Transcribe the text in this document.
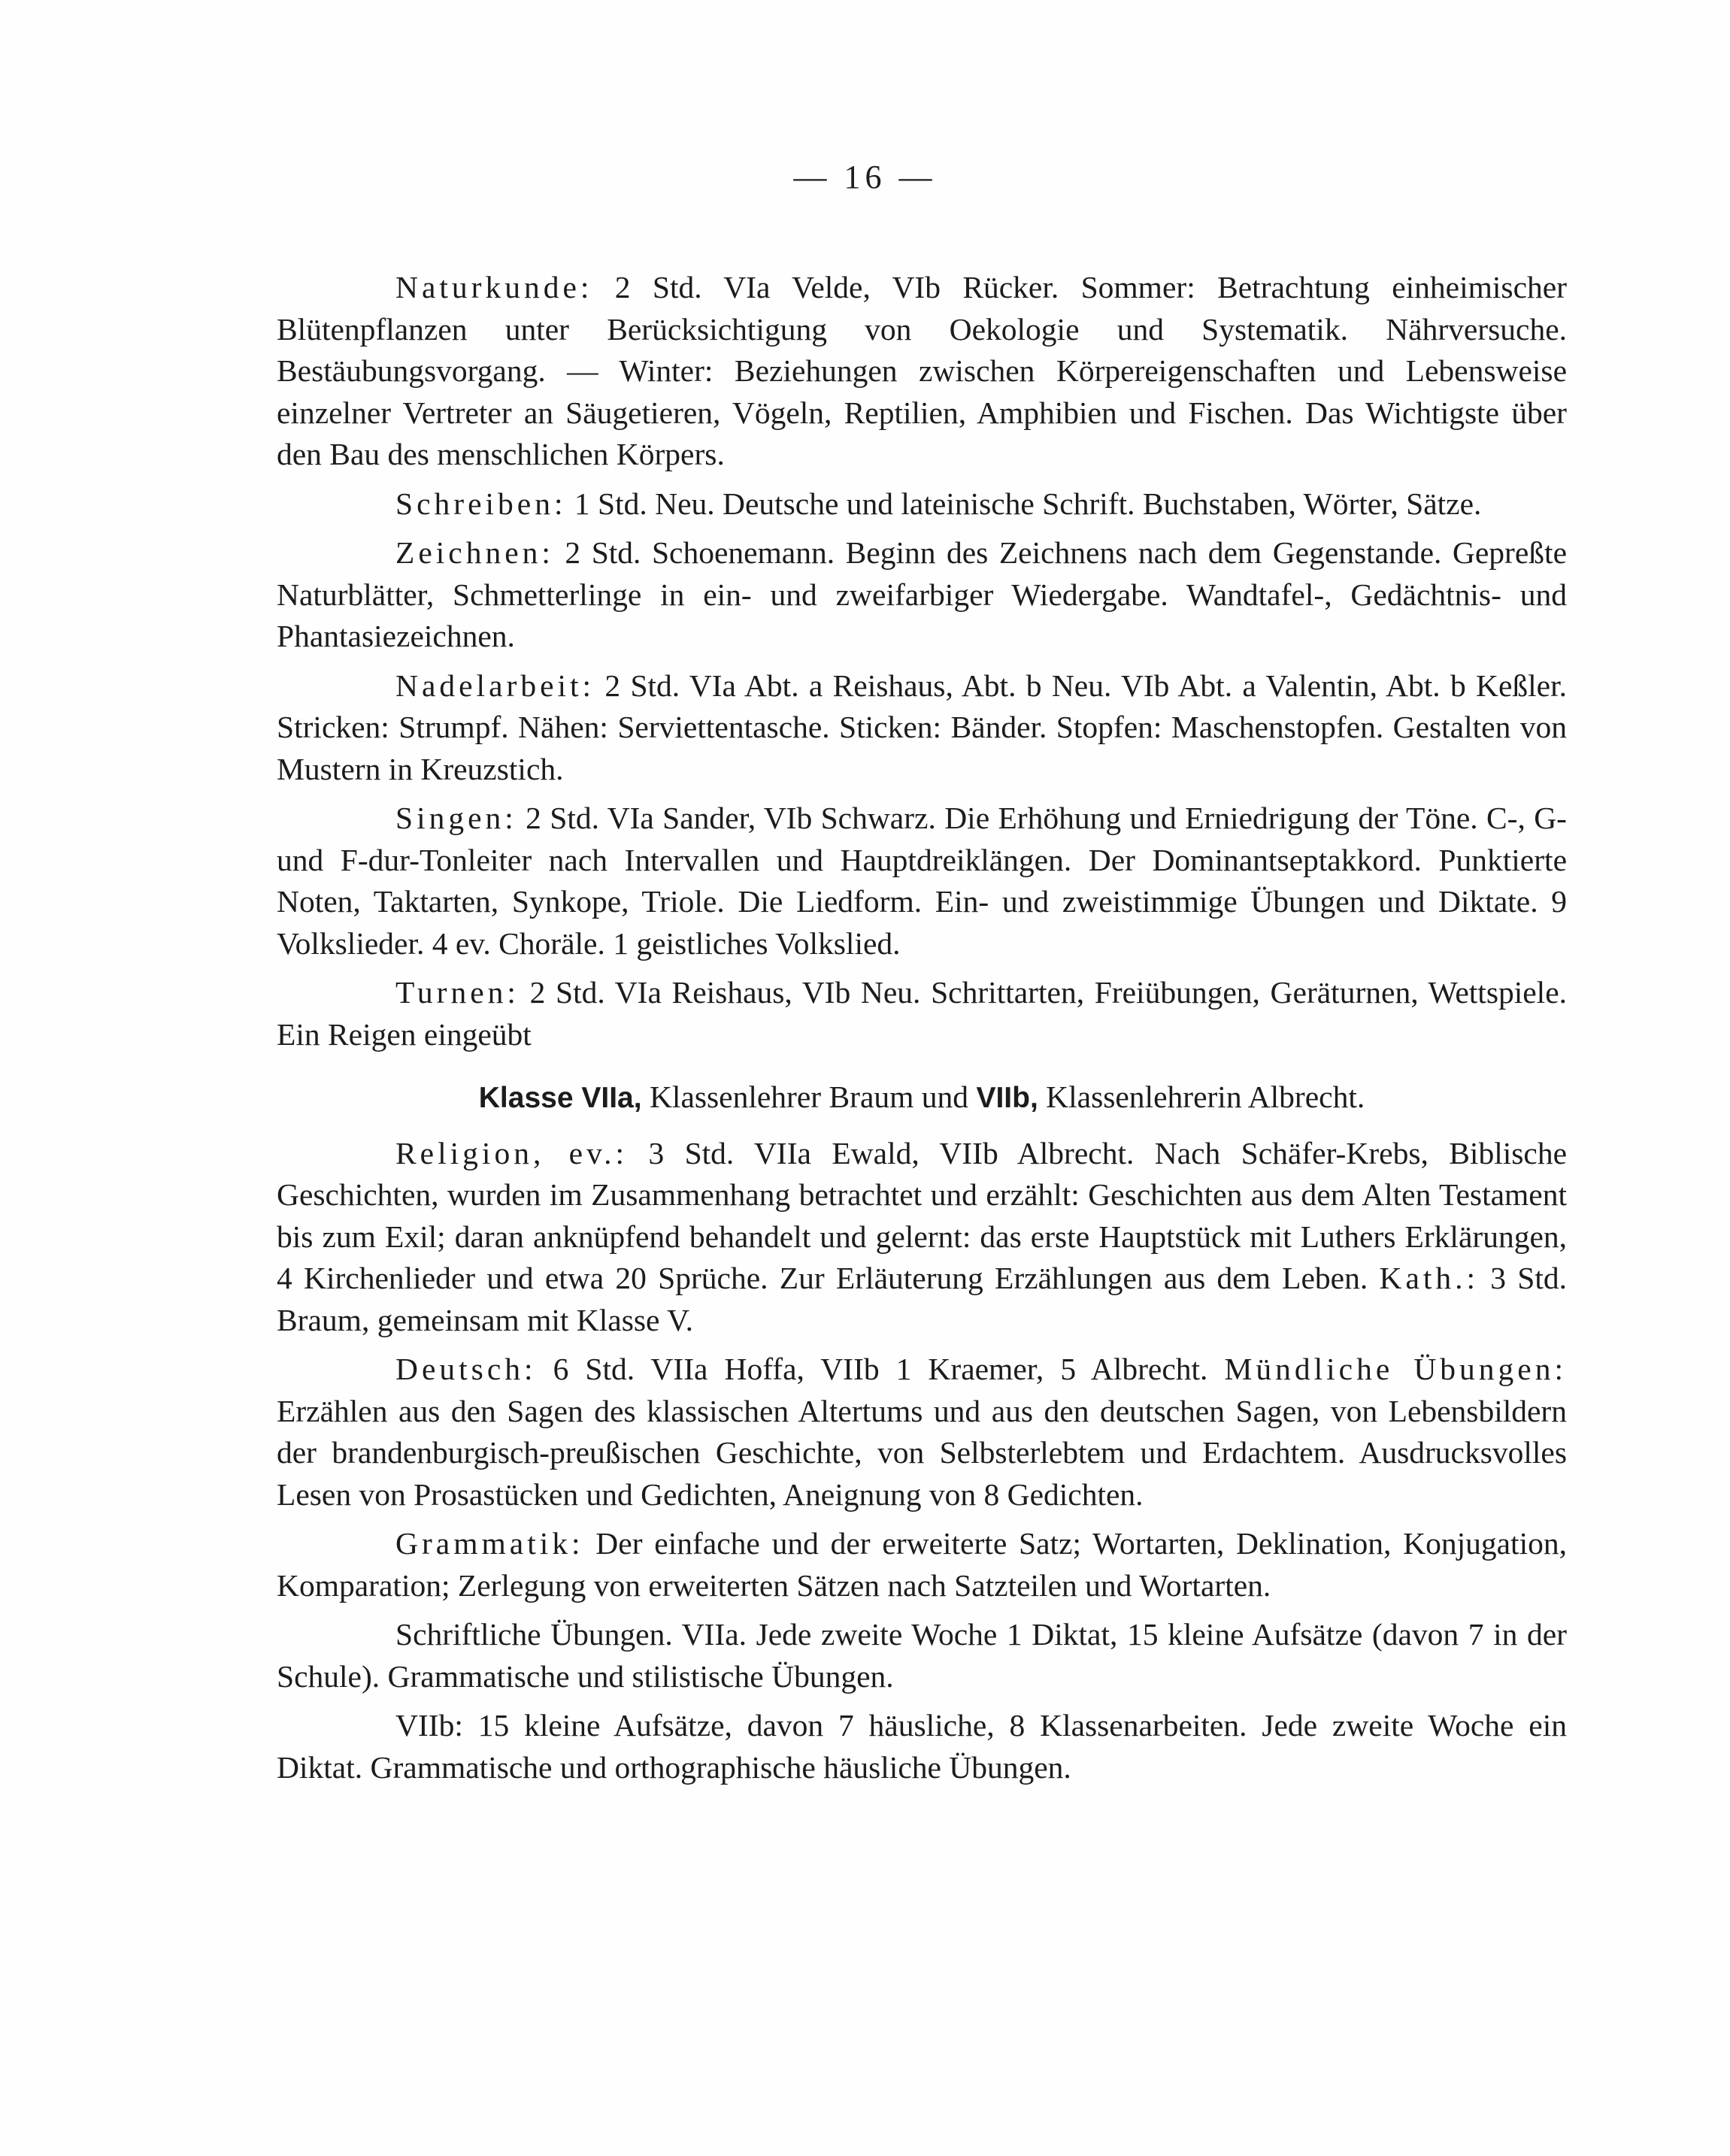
— 16 —

Naturkunde: 2 Std. VIa Velde, VIb Rücker. Sommer: Betrachtung einheimischer Blütenpflanzen unter Berücksichtigung von Oekologie und Systematik. Nährversuche. Bestäubungsvorgang. — Winter: Beziehungen zwischen Körpereigenschaften und Lebensweise einzelner Vertreter an Säugetieren, Vögeln, Reptilien, Amphibien und Fischen. Das Wichtigste über den Bau des menschlichen Körpers.

Schreiben: 1 Std. Neu. Deutsche und lateinische Schrift. Buchstaben, Wörter, Sätze.

Zeichnen: 2 Std. Schoenemann. Beginn des Zeichnens nach dem Gegenstande. Gepreßte Naturblätter, Schmetterlinge in ein- und zweifarbiger Wiedergabe. Wandtafel-, Gedächtnis- und Phantasiezeichnen.

Nadelarbeit: 2 Std. VIa Abt. a Reishaus, Abt. b Neu. VIb Abt. a Valentin, Abt. b Keßler. Stricken: Strumpf. Nähen: Serviettentasche. Sticken: Bänder. Stopfen: Maschenstopfen. Gestalten von Mustern in Kreuzstich.

Singen: 2 Std. VIa Sander, VIb Schwarz. Die Erhöhung und Erniedrigung der Töne. C-, G- und F-dur-Tonleiter nach Intervallen und Hauptdreiklängen. Der Dominantseptakkord. Punktierte Noten, Taktarten, Synkope, Triole. Die Liedform. Ein- und zweistimmige Übungen und Diktate. 9 Volkslieder. 4 ev. Choräle. 1 geistliches Volkslied.

Turnen: 2 Std. VIa Reishaus, VIb Neu. Schrittarten, Freiübungen, Geräturnen, Wettspiele. Ein Reigen eingeübt

Klasse VIIa, Klassenlehrer Braum und VIIb, Klassenlehrerin Albrecht.

Religion, ev.: 3 Std. VIIa Ewald, VIIb Albrecht. Nach Schäfer-Krebs, Biblische Geschichten, wurden im Zusammenhang betrachtet und erzählt: Geschichten aus dem Alten Testament bis zum Exil; daran anknüpfend behandelt und gelernt: das erste Hauptstück mit Luthers Erklärungen, 4 Kirchenlieder und etwa 20 Sprüche. Zur Erläuterung Erzählungen aus dem Leben. Kath.: 3 Std. Braum, gemeinsam mit Klasse V.

Deutsch: 6 Std. VIIa Hoffa, VIIb 1 Kraemer, 5 Albrecht. Mündliche Übungen: Erzählen aus den Sagen des klassischen Altertums und aus den deutschen Sagen, von Lebensbildern der brandenburgisch-preußischen Geschichte, von Selbsterlebtem und Erdachtem. Ausdrucksvolles Lesen von Prosastücken und Gedichten, Aneignung von 8 Gedichten.

Grammatik: Der einfache und der erweiterte Satz; Wortarten, Deklination, Konjugation, Komparation; Zerlegung von erweiterten Sätzen nach Satzteilen und Wortarten.

Schriftliche Übungen. VIIa. Jede zweite Woche 1 Diktat, 15 kleine Aufsätze (davon 7 in der Schule). Grammatische und stilistische Übungen.

VIIb: 15 kleine Aufsätze, davon 7 häusliche, 8 Klassenarbeiten. Jede zweite Woche ein Diktat. Grammatische und orthographische häusliche Übungen.
